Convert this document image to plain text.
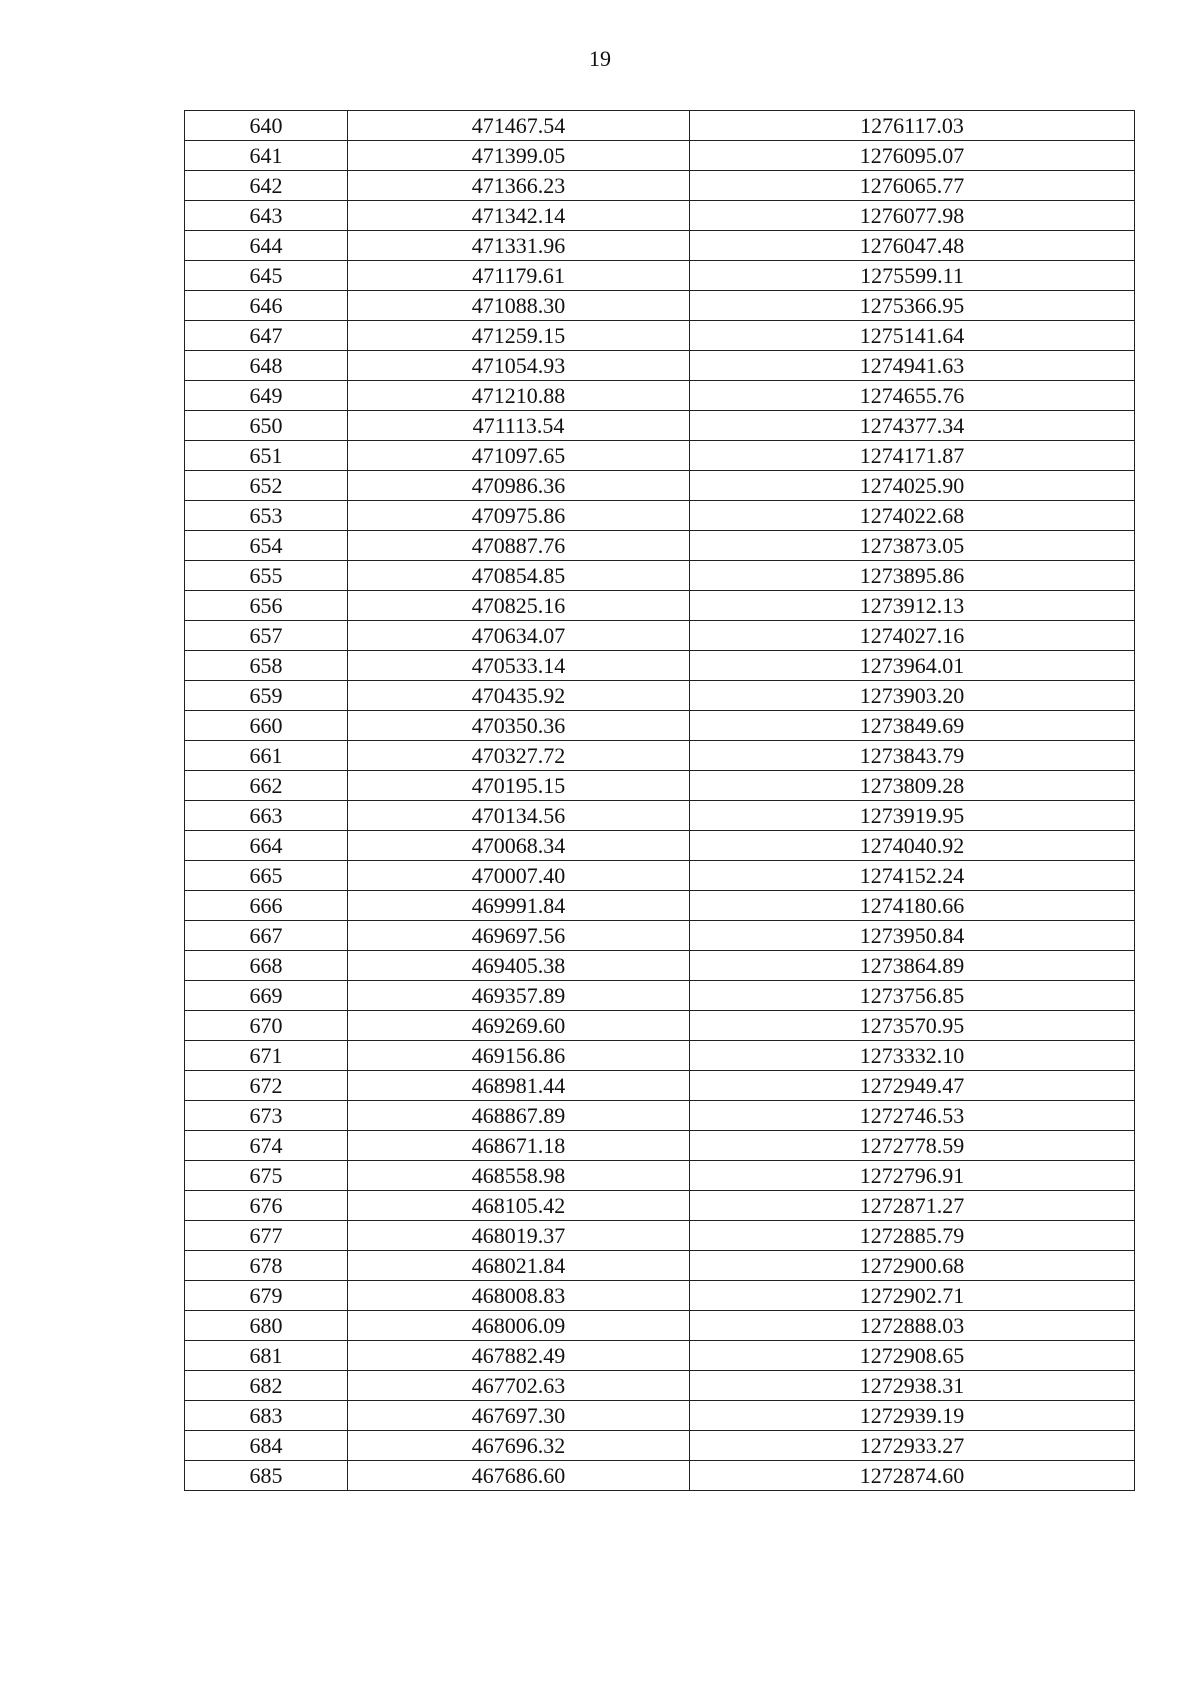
19
640	471467.54	1276117.03
641	471399.05	1276095.07
642	471366.23	1276065.77
643	471342.14	1276077.98
644	471331.96	1276047.48
645	471179.61	1275599.11
646	471088.30	1275366.95
647	471259.15	1275141.64
648	471054.93	1274941.63
649	471210.88	1274655.76
650	471113.54	1274377.34
651	471097.65	1274171.87
652	470986.36	1274025.90
653	470975.86	1274022.68
654	470887.76	1273873.05
655	470854.85	1273895.86
656	470825.16	1273912.13
657	470634.07	1274027.16
658	470533.14	1273964.01
659	470435.92	1273903.20
660	470350.36	1273849.69
661	470327.72	1273843.79
662	470195.15	1273809.28
663	470134.56	1273919.95
664	470068.34	1274040.92
665	470007.40	1274152.24
666	469991.84	1274180.66
667	469697.56	1273950.84
668	469405.38	1273864.89
669	469357.89	1273756.85
670	469269.60	1273570.95
671	469156.86	1273332.10
672	468981.44	1272949.47
673	468867.89	1272746.53
674	468671.18	1272778.59
675	468558.98	1272796.91
676	468105.42	1272871.27
677	468019.37	1272885.79
678	468021.84	1272900.68
679	468008.83	1272902.71
680	468006.09	1272888.03
681	467882.49	1272908.65
682	467702.63	1272938.31
683	467697.30	1272939.19
684	467696.32	1272933.27
685	467686.60	1272874.60
